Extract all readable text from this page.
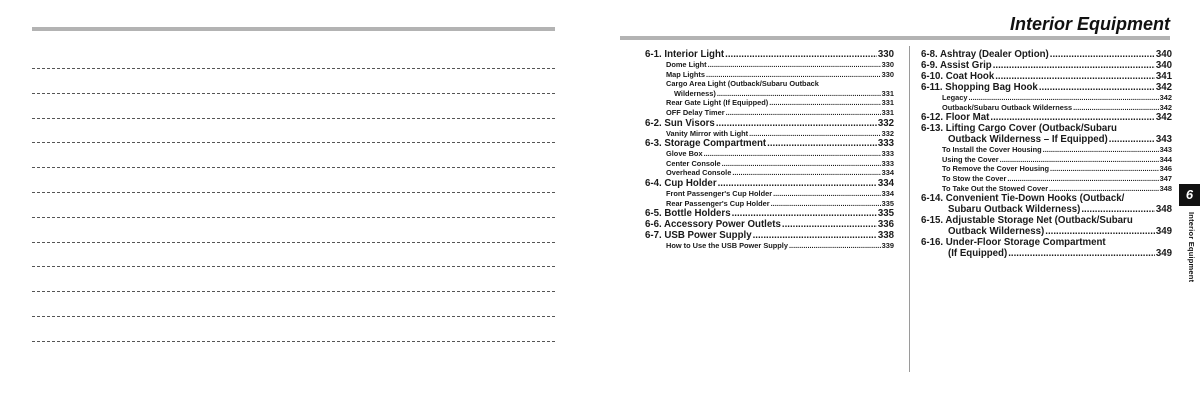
Interior Equipment
6-1. Interior Light .....	330
Dome Light .....	330
Map Lights .....	330
Cargo Area Light (Outback/Subaru Outback
Wilderness) .....	331
Rear Gate Light (If Equipped) .....	331
OFF Delay Timer .....	331
6-2. Sun Visors .....	332
Vanity Mirror with Light .....	332
6-3. Storage Compartment .....	333
Glove Box .....	333
Center Console .....	333
Overhead Console .....	334
6-4. Cup Holder .....	334
Front Passenger's Cup Holder .....	334
Rear Passenger's Cup Holder .....	335
6-5. Bottle Holders .....	335
6-6. Accessory Power Outlets .....	336
6-7. USB Power Supply .....	338
How to Use the USB Power Supply .....	339
6-8. Ashtray (Dealer Option) .....	340
6-9. Assist Grip .....	340
6-10. Coat Hook .....	341
6-11. Shopping Bag Hook .....	342
Legacy .....	342
Outback/Subaru Outback Wilderness .....	342
6-12. Floor Mat .....	342
6-13. Lifting Cargo Cover (Outback/Subaru
Outback Wilderness – If Equipped) .....	343
To Install the Cover Housing .....	343
Using the Cover .....	344
To Remove the Cover Housing .....	346
To Stow the Cover .....	347
To Take Out the Stowed Cover .....	348
6-14. Convenient Tie-Down Hooks (Outback/
Subaru Outback Wilderness) .....	348
6-15. Adjustable Storage Net (Outback/Subaru
Outback Wilderness) .....	349
6-16. Under-Floor Storage Compartment
(If Equipped) .....	349
6
Interior Equipment
